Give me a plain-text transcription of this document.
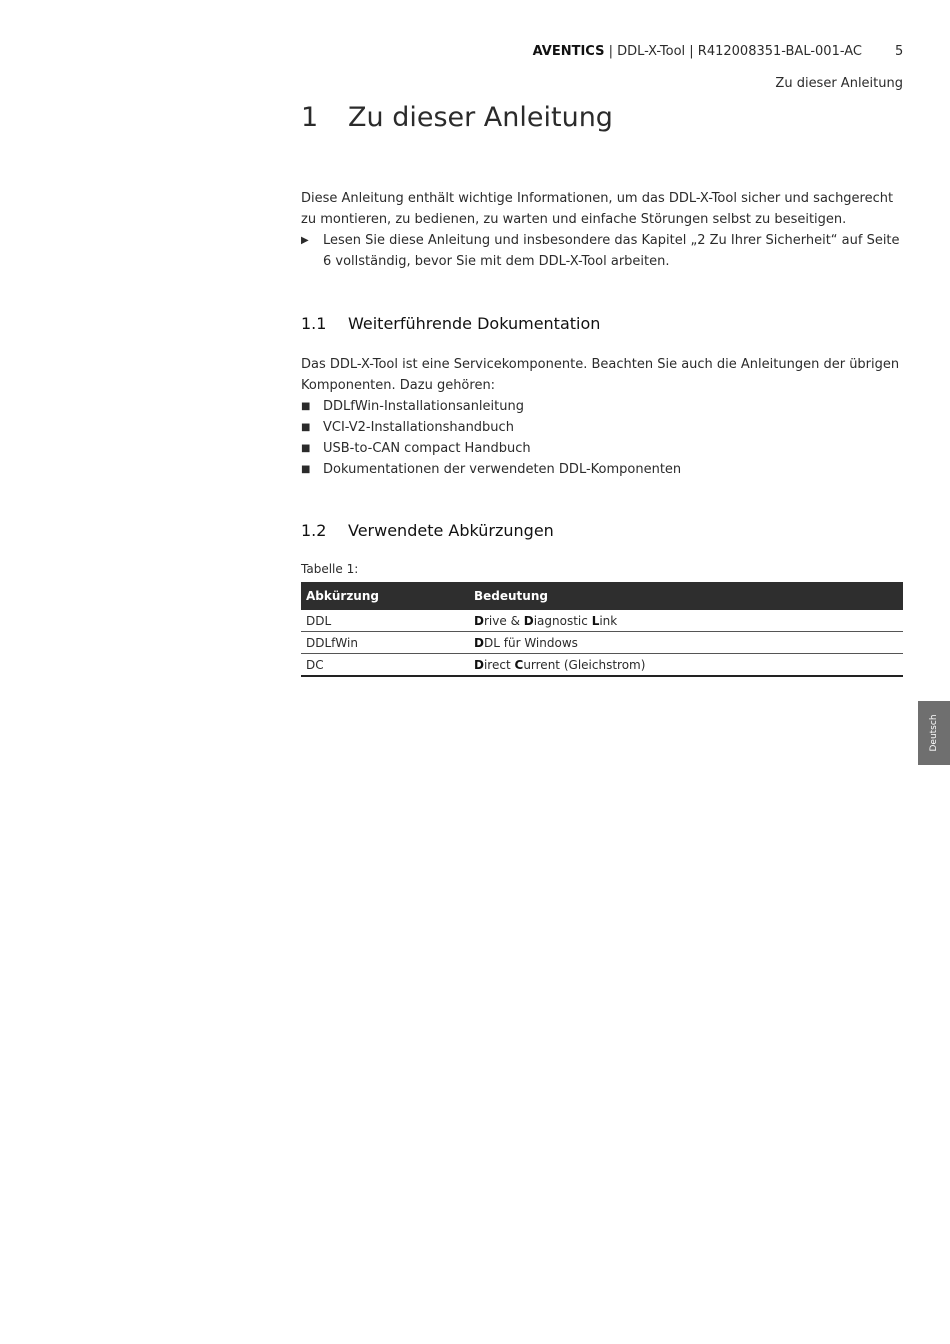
AVENTICS | DDL-X-Tool | R412008351-BAL-001-AC	5
Zu dieser Anleitung
1 Zu dieser Anleitung
Diese Anleitung enthält wichtige Informationen, um das DDL-X-Tool sicher und sachgerecht zu montieren, zu bedienen, zu warten und einfache Störungen selbst zu beseitigen.
▶	Lesen Sie diese Anleitung und insbesondere das Kapitel „2 Zu Ihrer Sicherheit“ auf Seite 6 vollständig, bevor Sie mit dem DDL-X-Tool arbeiten.
1.1 Weiterführende Dokumentation
Das DDL-X-Tool ist eine Servicekomponente. Beachten Sie auch die Anleitungen der übrigen Komponenten. Dazu gehören:
■ DDLfWin-Installationsanleitung
■ VCI-V2-Installationshandbuch
■ USB-to-CAN compact Handbuch
■ Dokumentationen der verwendeten DDL-Komponenten
1.2 Verwendete Abkürzungen
Tabelle 1:
Abkürzung	Bedeutung
DDL	Drive & Diagnostic Link
DDLfWin	DDL für Windows
DC	Direct Current (Gleichstrom)
Deutsch
